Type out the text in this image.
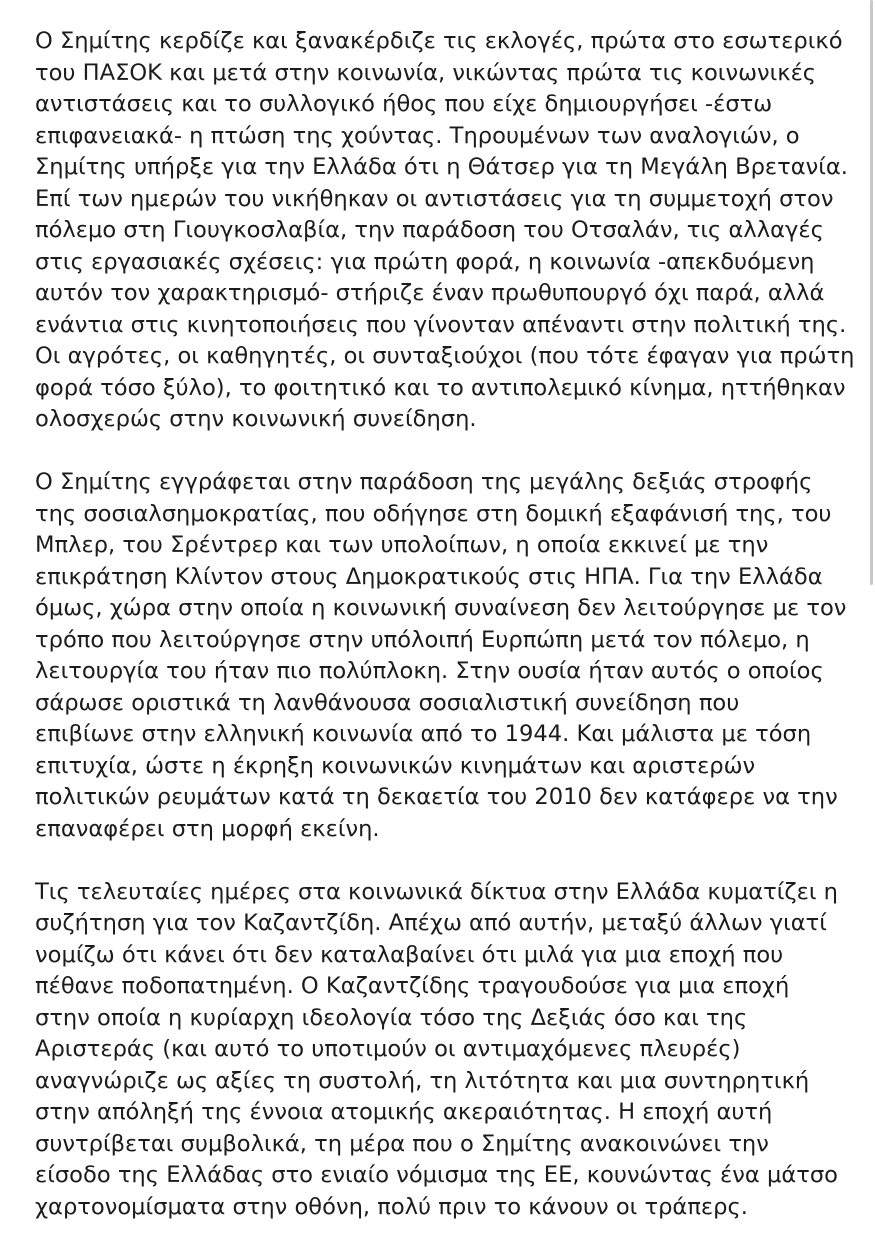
Ο Σημίτης κερδίζε και ξανακέρδιζε τις εκλογές, πρώτα στο εσωτερικό
του ΠΑΣΟΚ και μετά στην κοινωνία, νικώντας πρώτα τις κοινωνικές
αντιστάσεις και το συλλογικό ήθος που είχε δημιουργήσει -έστω
επιφανειακά- η πτώση της χούντας. Τηρουμένων των αναλογιών, ο
Σημίτης υπήρξε για την Ελλάδα ότι η Θάτσερ για τη Μεγάλη Βρετανία.
Επί των ημερών του νικήθηκαν οι αντιστάσεις για τη συμμετοχή στον
πόλεμο στη Γιουγκοσλαβία, την παράδοση του Οτσαλάν, τις αλλαγές
στις εργασιακές σχέσεις: για πρώτη φορά, η κοινωνία -απεκδυόμενη
αυτόν τον χαρακτηρισμό- στήριζε έναν πρωθυπουργό όχι παρά, αλλά
ενάντια στις κινητοποιήσεις που γίνονταν απέναντι στην πολιτική της.
Οι αγρότες, οι καθηγητές, οι συνταξιούχοι (που τότε έφαγαν για πρώτη
φορά τόσο ξύλο), το φοιτητικό και το αντιπολεμικό κίνημα, ηττήθηκαν
ολοσχερώς στην κοινωνική συνείδηση.

Ο Σημίτης εγγράφεται στην παράδοση της μεγάλης δεξιάς στροφής
της σοσιαλσημοκρατίας, που οδήγησε στη δομική εξαφάνισή της, του
Μπλερ, του Σρέντρερ και των υπολοίπων, η οποία εκκινεί με την
επικράτηση Κλίντον στους Δημοκρατικούς στις ΗΠΑ. Για την Ελλάδα
όμως, χώρα στην οποία η κοινωνική συναίνεση δεν λειτούργησε με τον
τρόπο που λειτούργησε στην υπόλοιπή Ευρπώπη μετά τον πόλεμο, η
λειτουργία του ήταν πιο πολύπλοκη. Στην ουσία ήταν αυτός ο οποίος
σάρωσε οριστικά τη λανθάνουσα σοσιαλιστική συνείδηση που
επιβίωνε στην ελληνική κοινωνία από το 1944. Και μάλιστα με τόση
επιτυχία, ώστε η έκρηξη κοινωνικών κινημάτων και αριστερών
πολιτικών ρευμάτων κατά τη δεκαετία του 2010 δεν κατάφερε να την
επαναφέρει στη μορφή εκείνη.

Τις τελευταίες ημέρες στα κοινωνικά δίκτυα στην Ελλάδα κυματίζει η
συζήτηση για τον Καζαντζίδη. Απέχω από αυτήν, μεταξύ άλλων γιατί
νομίζω ότι κάνει ότι δεν καταλαβαίνει ότι μιλά για μια εποχή που
πέθανε ποδοπατημένη. Ο Καζαντζίδης τραγουδούσε για μια εποχή
στην οποία η κυρίαρχη ιδεολογία τόσο της Δεξιάς όσο και της
Αριστεράς (και αυτό το υποτιμούν οι αντιμαχόμενες πλευρές)
αναγνώριζε ως αξίες τη συστολή, τη λιτότητα και μια συντηρητική
στην απόληξή της έννοια ατομικής ακεραιότητας. Η εποχή αυτή
συντρίβεται συμβολικά, τη μέρα που ο Σημίτης ανακοινώνει την
είσοδο της Ελλάδας στο ενιαίο νόμισμα της ΕΕ, κουνώντας ένα μάτσο
χαρτονομίσματα στην οθόνη, πολύ πριν το κάνουν οι τράπερς.
